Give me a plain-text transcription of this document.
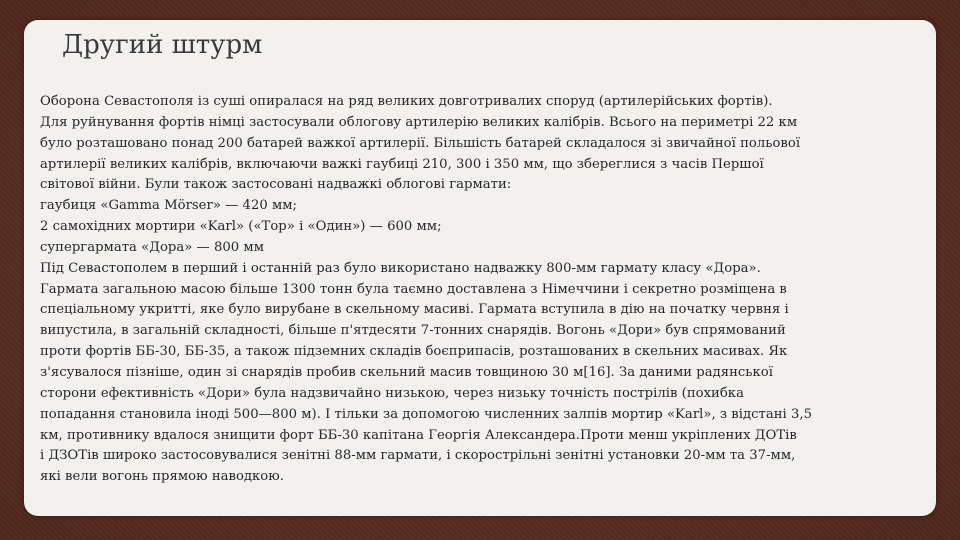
Другий штурм
Оборона Севастополя із суші опиралася на ряд великих довготривалих споруд (артилерійських фортів).
Для руйнування фортів німці застосували облогову артилерію великих калібрів. Всього на периметрі 22 км
було розташовано понад 200 батарей важкої артилерії. Більшість батарей складалося зі звичайної польової
артилерії великих калібрів, включаючи важкі гаубиці 210, 300 і 350 мм, що збереглися з часів Першої
світової війни. Були також застосовані надважкі облогові гармати:
гаубиця «Gamma Mörser» — 420 мм;
2 самохідних мортири «Karl» («Тор» і «Один») — 600 мм;
супергармата «Дора» — 800 мм
Під Севастополем в перший і останній раз було використано надважку 800-мм гармату класу «Дора».
Гармата загальною масою більше 1300 тонн була таємно доставлена з Німеччини і секретно розміщена в
спеціальному укритті, яке було вирубане в скельному масиві. Гармата вступила в дію на початку червня і
випустила, в загальній складності, більше п'ятдесяти 7-тонних снарядів. Вогонь «Дори» був спрямований
проти фортів ББ-30, ББ-35, а також підземних складів боєприпасів, розташованих в скельних масивах. Як
з'ясувалося пізніше, один зі снарядів пробив скельний масив товщиною 30 м[16]. За даними радянської
сторони ефективність «Дори» була надзвичайно низькою, через низьку точність пострілів (похибка
попадання становила іноді 500—800 м). І тільки за допомогою численних залпів мортир «Karl», з відстані 3,5
км, противнику вдалося знищити форт ББ-30 капітана Георгія Александера.Проти менш укріплених ДОТів
і ДЗОТів широко застосовувалися зенітні 88-мм гармати, і скорострільні зенітні установки 20-мм та 37-мм,
які вели вогонь прямою наводкою.
